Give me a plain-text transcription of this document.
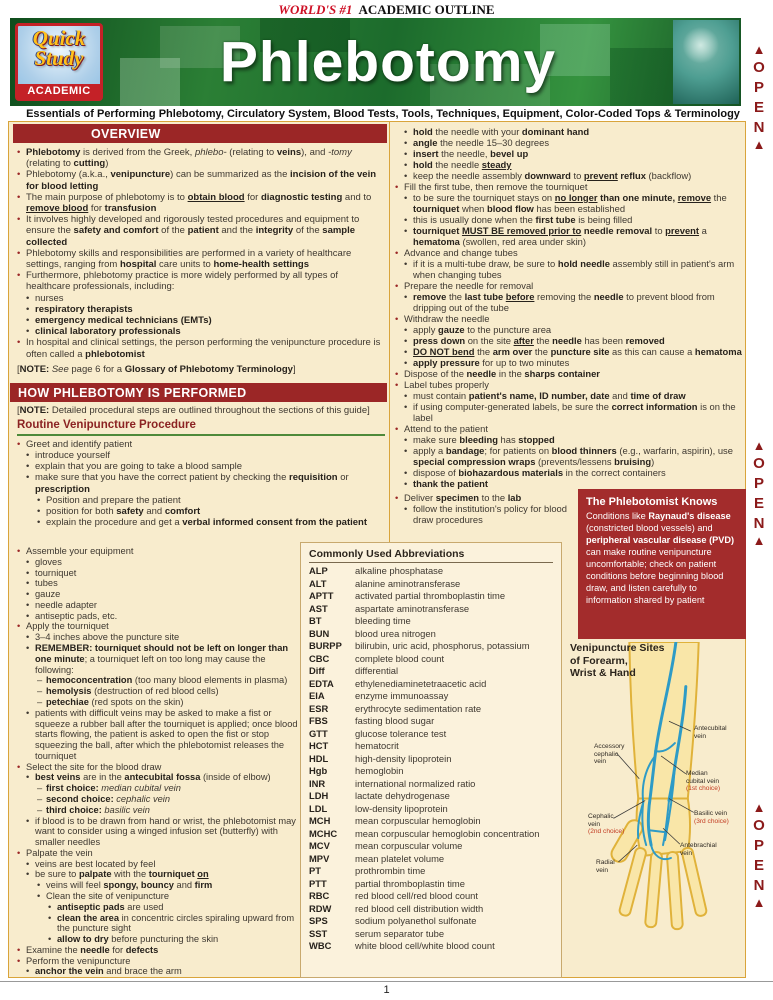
WORLD'S #1 ACADEMIC OUTLINE
Quick
Study
ACADEMIC	Phlebotomy
Essentials of Performing Phlebotomy, Circulatory System, Blood Tests, Tools, Techniques, Equipment, Color-Coded Tops & Terminology
OVERVIEW
• Phlebotomy is derived from the Greek, phlebo- (relating to veins), and -tomy (relating to cutting)
• Phlebotomy (a.k.a., venipuncture) can be summarized as the incision of the vein for blood letting
• The main purpose of phlebotomy is to obtain blood for diagnostic testing and to remove blood for transfusion
• It involves highly developed and rigorously tested procedures and equipment to ensure the safety and comfort of the patient and the integrity of the sample collected
• Phlebotomy skills and responsibilities are performed in a variety of healthcare settings, ranging from hospital care units to home-health settings
• Furthermore, phlebotomy practice is more widely performed by all types of healthcare professionals, including:
• nurses
• respiratory therapists
• emergency medical technicians (EMTs)
• clinical laboratory professionals
• In hospital and clinical settings, the person performing the venipuncture procedure is often called a phlebotomist
[NOTE: See page 6 for a Glossary of Phlebotomy Terminology]
HOW PHLEBOTOMY IS PERFORMED
[NOTE: Detailed procedural steps are outlined throughout the sections of this guide]
Routine Venipuncture Procedure
• Greet and identify patient
• introduce yourself
• explain that you are going to take a blood sample
• make sure that you have the correct patient by checking the requisition or prescription
• Position and prepare the patient
• position for both safety and comfort
• explain the procedure and get a verbal informed consent from the patient
• Assemble your equipment
• gloves
• tourniquet
• tubes
• gauze
• needle adapter
• antiseptic pads, etc.
• Apply the tourniquet
• 3–4 inches above the puncture site
• REMEMBER: tourniquet should not be left on longer than one minute; a tourniquet left on too long may cause the following:
– hemoconcentration (too many blood elements in plasma)
– hemolysis (destruction of red blood cells)
– petechiae (red spots on the skin)
• patients with difficult veins may be asked to make a fist or squeeze a rubber ball after the tourniquet is applied; once blood starts flowing, the patient is asked to open the fist or stop squeezing the ball, after which the phlebotomist releases the tourniquet
• Select the site for the blood draw
• best veins are in the antecubital fossa (inside of elbow)
– first choice: median cubital vein
– second choice: cephalic vein
– third choice: basilic vein
• if blood is to be drawn from hand or wrist, the phlebotomist may want to consider using a winged infusion set (butterfly) with smaller needles
• Palpate the vein
• veins are best located by feel
• be sure to palpate with the tourniquet on
• veins will feel spongy, bouncy and firm
• Clean the site of venipuncture
• antiseptic pads are used
• clean the area in concentric circles spiraling upward from the puncture sight
• allow to dry before puncturing the skin
• Examine the needle for defects
• Perform the venipuncture
• anchor the vein and brace the arm
• hold the needle with your dominant hand
• angle the needle 15–30 degrees
• insert the needle, bevel up
• hold the needle steady
• keep the needle assembly downward to prevent reflux (backflow)
• Fill the first tube, then remove the tourniquet
• to be sure the tourniquet stays on no longer than one minute, remove the tourniquet when blood flow has been established
• this is usually done when the first tube is being filled
• tourniquet MUST BE removed prior to needle removal to prevent a hematoma (swollen, red area under skin)
• Advance and change tubes
• if it is a multi-tube draw, be sure to hold needle assembly still in patient's arm when changing tubes
• Prepare the needle for removal
• remove the last tube before removing the needle to prevent blood from dripping out of the tube
• Withdraw the needle
• apply gauze to the puncture area
• press down on the site after the needle has been removed
• DO NOT bend the arm over the puncture site as this can cause a hematoma
• apply pressure for up to two minutes
• Dispose of the needle in the sharps container
• Label tubes properly
• must contain patient's name, ID number, date and time of draw
• if using computer-generated labels, be sure the correct information is on the label
• Attend to the patient
• make sure bleeding has stopped
• apply a bandage; for patients on blood thinners (e.g., warfarin, aspirin), use special compression wraps (prevents/lessens bruising)
• dispose of biohazardous materials in the correct containers
• thank the patient
• Deliver specimen to the lab
• follow the institution's policy for blood draw procedures
The Phlebotomist Knows
Conditions like Raynaud's disease (constricted blood vessels) and peripheral vascular disease (PVD) can make routine venipuncture uncomfortable; check on patient conditions before beginning blood draw, and listen carefully to information shared by patient
Commonly Used Abbreviations
ALP	alkaline phosphatase
ALT	alanine aminotransferase
APTT	activated partial thromboplastin time
AST	aspartate aminotransferase
BT	bleeding time
BUN	blood urea nitrogen
BURPP	bilirubin, uric acid, phosphorus, potassium
CBC	complete blood count
Diff	differential
EDTA	ethylenediaminetetraacetic acid
EIA	enzyme immunoassay
ESR	erythrocyte sedimentation rate
FBS	fasting blood sugar
GTT	glucose tolerance test
HCT	hematocrit
HDL	high-density lipoprotein
Hgb	hemoglobin
INR	international normalized ratio
LDH	lactate dehydrogenase
LDL	low-density lipoprotein
MCH	mean corpuscular hemoglobin
MCHC	mean corpuscular hemoglobin concentration
MCV	mean corpuscular volume
MPV	mean platelet volume
PT	prothrombin time
PTT	partial thromboplastin time
RBC	red blood cell/red blood count
RDW	red blood cell distribution width
SPS	sodium polyanethol sulfonate
SST	serum separator tube
WBC	white blood cell/white blood count
Venipuncture Sites
of Forearm,
Wrist & Hand
Antecubital
vein
Accessory
cephalic
vein
Median
cubital vein
(1st choice)
Cephalic
vein
(2nd choice)
Basilic vein
(3rd choice)
Antebrachial
vein
Radial
vein
▲
O
P
E
N
▲
▲
O
P
E
N
▲
▲
O
P
E
N
▲
1
